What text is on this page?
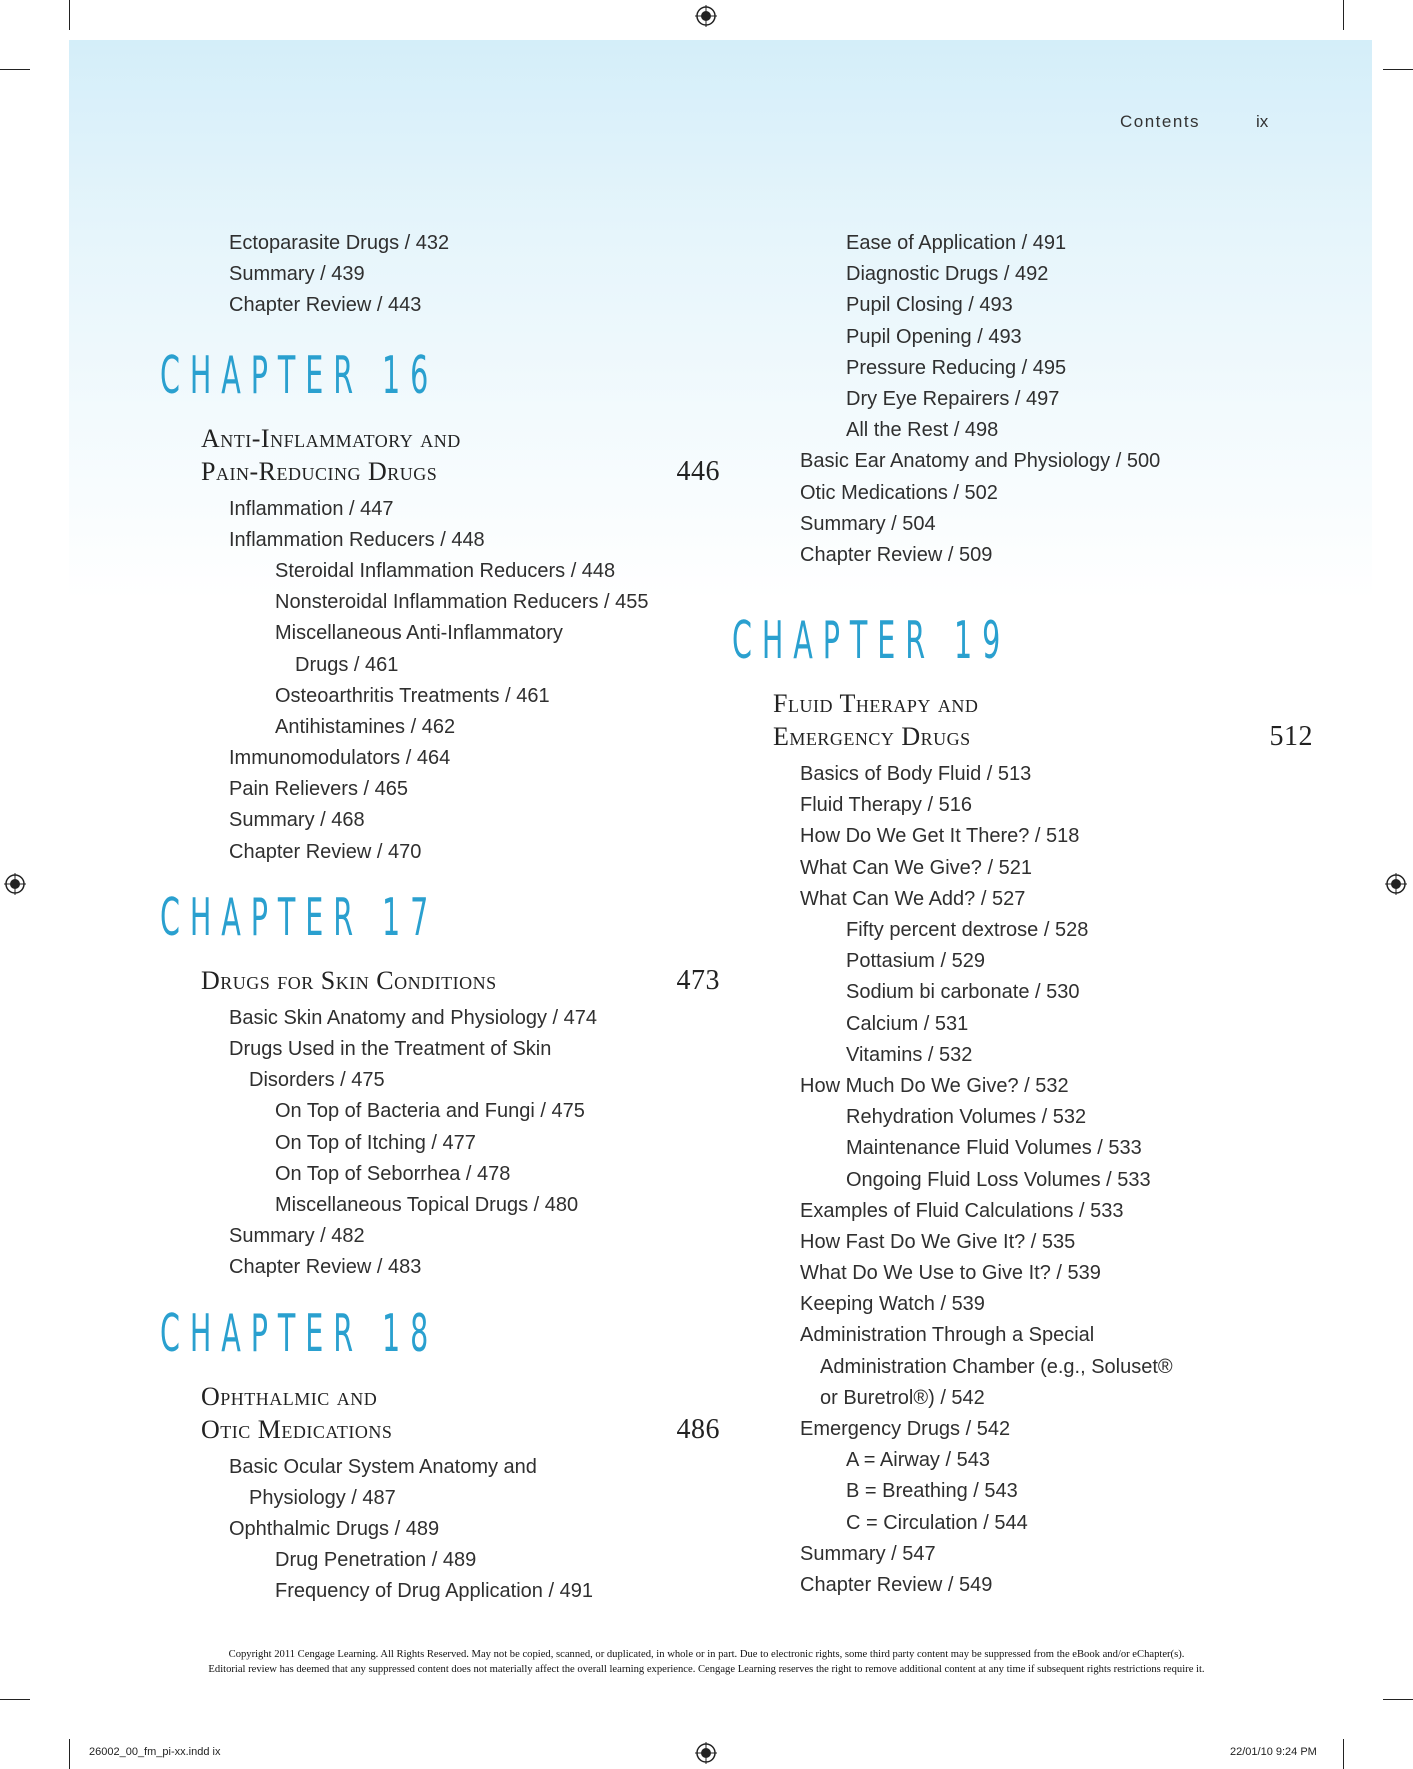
Contents	ix
Ectoparasite Drugs / 432
Summary / 439
Chapter Review / 443
CHAPTER 16
Anti-Inflammatory and
Pain-Reducing Drugs	446
Inflammation / 447
Inflammation Reducers / 448
Steroidal Inflammation Reducers / 448
Nonsteroidal Inflammation Reducers / 455
Miscellaneous Anti-Inflammatory
Drugs / 461
Osteoarthritis Treatments / 461
Antihistamines / 462
Immunomodulators / 464
Pain Relievers / 465
Summary / 468
Chapter Review / 470
CHAPTER 17
Drugs for Skin Conditions	473
Basic Skin Anatomy and Physiology / 474
Drugs Used in the Treatment of Skin
Disorders / 475
On Top of Bacteria and Fungi / 475
On Top of Itching / 477
On Top of Seborrhea / 478
Miscellaneous Topical Drugs / 480
Summary / 482
Chapter Review / 483
CHAPTER 18
Ophthalmic and
Otic Medications	486
Basic Ocular System Anatomy and
Physiology / 487
Ophthalmic Drugs / 489
Drug Penetration / 489
Frequency of Drug Application / 491
Ease of Application / 491
Diagnostic Drugs / 492
Pupil Closing / 493
Pupil Opening / 493
Pressure Reducing / 495
Dry Eye Repairers / 497
All the Rest / 498
Basic Ear Anatomy and Physiology / 500
Otic Medications / 502
Summary / 504
Chapter Review / 509
CHAPTER 19
Fluid Therapy and
Emergency Drugs	512
Basics of Body Fluid / 513
Fluid Therapy / 516
How Do We Get It There? / 518
What Can We Give? / 521
What Can We Add? / 527
Fifty percent dextrose / 528
Pottasium / 529
Sodium bi carbonate / 530
Calcium / 531
Vitamins / 532
How Much Do We Give? / 532
Rehydration Volumes / 532
Maintenance Fluid Volumes / 533
Ongoing Fluid Loss Volumes / 533
Examples of Fluid Calculations / 533
How Fast Do We Give It? / 535
What Do We Use to Give It? / 539
Keeping Watch / 539
Administration Through a Special
Administration Chamber (e.g., Soluset®
or Buretrol®) / 542
Emergency Drugs / 542
A = Airway / 543
B = Breathing / 543
C = Circulation / 544
Summary / 547
Chapter Review / 549
Copyright 2011 Cengage Learning. All Rights Reserved. May not be copied, scanned, or duplicated, in whole or in part. Due to electronic rights, some third party content may be suppressed from the eBook and/or eChapter(s).
Editorial review has deemed that any suppressed content does not materially affect the overall learning experience. Cengage Learning reserves the right to remove additional content at any time if subsequent rights restrictions require it.
26002_00_fm_pi-xx.indd ix	22/01/10 9:24 PM
